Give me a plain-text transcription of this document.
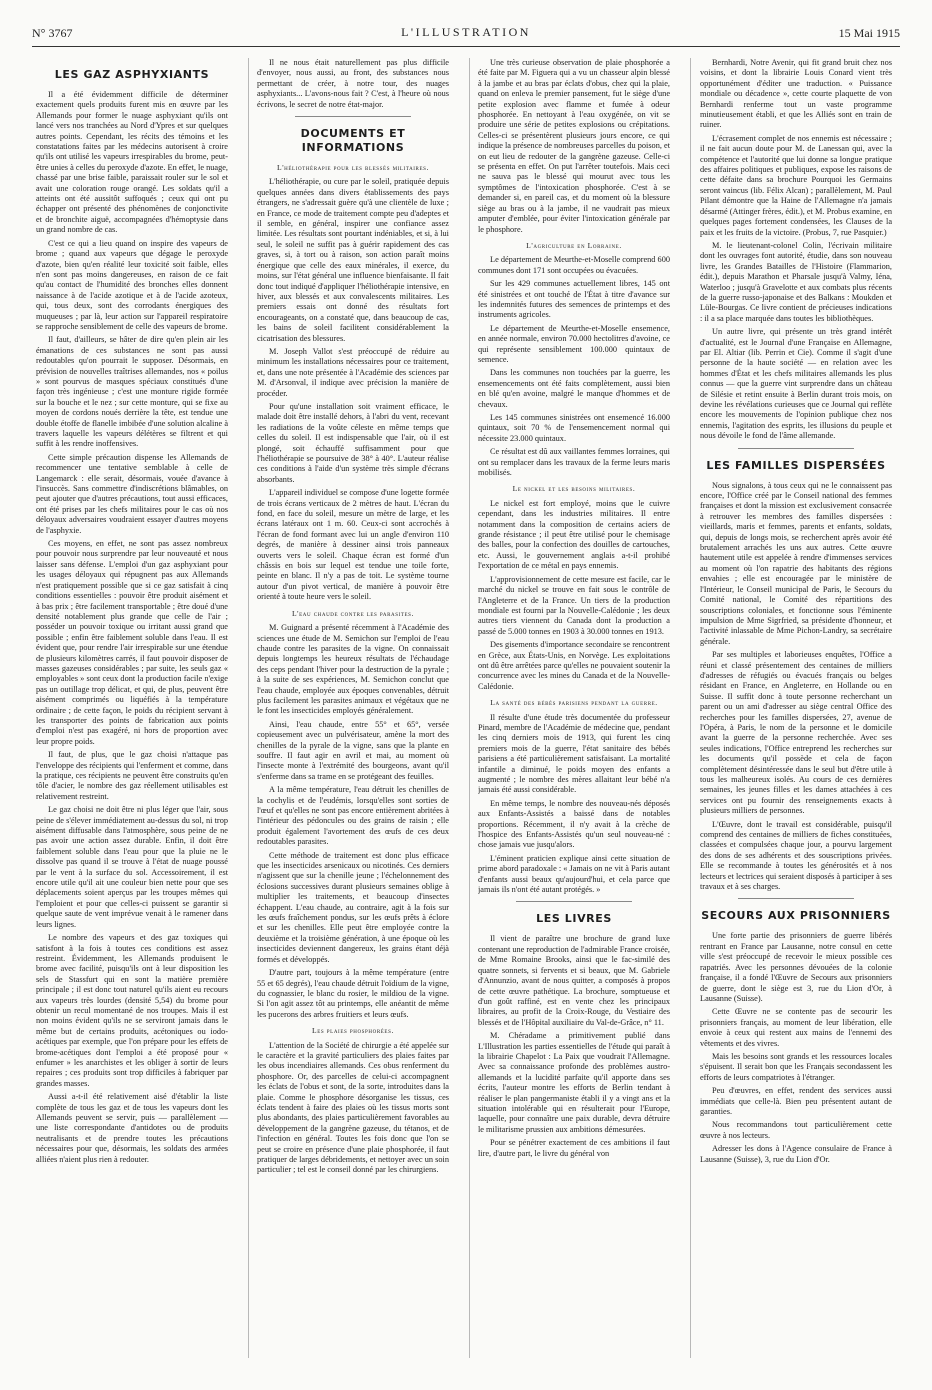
N° 3767	L'ILLUSTRATION	15 Mai 1915
LES GAZ ASPHYXIANTS

Il a été évidemment difficile de déterminer exactement quels produits furent mis en œuvre par les Allemands pour former le nuage asphyxiant qu'ils ont lancé vers nos tranchées au Nord d'Ypres et sur quelques autres points. Cependant, les récits des témoins et les constatations faites par les médecins autorisent à croire qu'ils ont utilisé les vapeurs irrespirables du brome, peut-être unies à celles du peroxyde d'azote. En effet, le nuage, chassé par une brise faible, paraissait rouler sur le sol et avait une coloration rouge orangé. Les soldats qu'il a atteints ont été aussitôt suffoqués ; ceux qui ont pu échapper ont présenté des phénomènes de conjonctivite et de bronchite aiguë, accompagnées d'hémoptysie dans un grand nombre de cas.

C'est ce qui a lieu quand on inspire des vapeurs de brome ; quand aux vapeurs que dégage le peroxyde d'azote, bien qu'en réalité leur toxicité soit faible, elles n'en sont pas moins dangereuses, en raison de ce fait qu'au contact de l'humidité des bronches elles donnent naissance à de l'acide azotique et à de l'acide azoteux, qui, tous deux, sont des corrodants énergiques des muqueuses ; par là, leur action sur l'appareil respiratoire se rapproche sensiblement de celle des vapeurs de brome.

Il faut, d'ailleurs, se hâter de dire qu'en plein air les émanations de ces substances ne sont pas aussi redoutables qu'on pourrait le supposer. Désormais, en prévision de nouvelles traîtrises allemandes, nos « poilus » sont pourvus de masques spéciaux constitués d'une façon très ingénieuse ; c'est une monture rigide formée sur la bouche et le nez ; sur cette monture, qui se fixe au moyen de cordons noués derrière la tête, est tendue une double étoffe de flanelle imbibée d'une solution alcaline à travers laquelle les vapeurs délétères se filtrent et qui suffit à les rendre inoffensives.

Cette simple précaution dispense les Allemands de recommencer une tentative semblable à celle de Langemarck : elle serait, désormais, vouée d'avance à l'insuccès. Sans commettre d'indiscrétions blâmables, on peut ajouter que d'autres précautions, tout aussi efficaces, ont été prises par les chefs militaires pour le cas où nos déloyaux adversaires voudraient essayer d'autres moyens de l'asphyxie.

Ces moyens, en effet, ne sont pas assez nombreux pour pouvoir nous surprendre par leur nouveauté et nous laisser sans défense. L'emploi d'un gaz asphyxiant pour les usages déloyaux qui répugnent pas aux Allemands n'est pratiquement possible que si ce gaz satisfait à cinq conditions essentielles : pouvoir être produit aisément et à bas prix ; être facilement transportable ; être doué d'une densité notablement plus grande que celle de l'air ; posséder un pouvoir toxique ou irritant aussi grand que possible ; enfin être faiblement soluble dans l'eau. Il est évident que, pour rendre l'air irrespirable sur une étendue de plusieurs kilomètres carrés, il faut pouvoir disposer de masses gazeuses considérables ; par suite, les seuls gaz « employables » sont ceux dont la production facile n'exige pas un outillage trop délicat, et qui, de plus, peuvent être aisément comprimés ou liquéfiés à la température ordinaire ; de cette façon, le poids du récipient servant à les transporter des points de fabrication aux points d'emploi n'est pas exagéré, ni hors de proportion avec leur propre poids.

Il faut, de plus, que le gaz choisi n'attaque pas l'enveloppe des récipients qui l'enferment et comme, dans la pratique, ces récipients ne peuvent être construits qu'en tôle d'acier, le nombre des gaz réellement utilisables est relativement restreint.

Le gaz choisi ne doit être ni plus léger que l'air, sous peine de s'élever immédiatement au-dessus du sol, ni trop aisément diffusable dans l'atmosphère, sous peine de ne pas avoir une action assez durable. Enfin, il doit être faiblement soluble dans l'eau pour que la pluie ne le dissolve pas quand il se trouve à l'état de nuage poussé par le vent à la surface du sol. Accessoirement, il est encore utile qu'il ait une couleur bien nette pour que ses déplacements soient aperçus par les troupes mêmes qui l'emploient et pour que celles-ci puissent se garantir si quelque saute de vent imprévue venait à le ramener dans leurs lignes.

Le nombre des vapeurs et des gaz toxiques qui satisfont à la fois à toutes ces conditions est assez restreint. Évidemment, les Allemands produisent le brome avec facilité, puisqu'ils ont à leur disposition les sels de Stassfurt qui en sont la matière première principale ; il est donc tout naturel qu'ils aient eu recours aux vapeurs très lourdes (densité 5,54) du brome pour obtenir un recul momentané de nos troupes. Mais il est non moins évident qu'ils ne se serviront jamais dans le même but de certains produits, acétoniques ou iodo-acétiques par exemple, que l'on prépare pour les effets de brome-acétiques dont l'emploi a été proposé pour « enfumer » les anarchistes et les obliger à sortir de leurs repaires ; ces produits sont trop difficiles à fabriquer par grandes masses.

Aussi a-t-il été relativement aisé d'établir la liste complète de tous les gaz et de tous les vapeurs dont les Allemands peuvent se servir, puis — parallèlement — une liste correspondante d'antidotes ou de produits neutralisants et de prendre toutes les précautions nécessaires pour que, désormais, les soldats des armées alliées n'aient plus rien à redouter.

Il ne nous était naturellement pas plus difficile d'envoyer, nous aussi, au front, des substances nous permettant de créer, à notre tour, des nuages asphyxiants... L'avons-nous fait ? C'est, à l'heure où nous écrivons, le secret de notre état-major.

DOCUMENTS ET INFORMATIONS
L'héliothérapie pour les blessés militaires.

L'héliothérapie, ou cure par le soleil, pratiquée depuis quelques années dans divers établissements des pays étrangers, ne s'adressait guère qu'à une clientèle de luxe ; en France, ce mode de traitement compte peu d'adeptes et il semble, en général, inspirer une confiance assez limitée. Les résultats sont pourtant indéniables, et si, à lui seul, le soleil ne suffit pas à guérir rapidement des cas graves, si, à tort ou à raison, son action paraît moins énergique que celle des eaux minérales, il exerce, du moins, sur l'état général une influence bienfaisante. Il fait donc tout indiqué d'appliquer l'héliothérapie intensive, en hiver, aux blessés et aux convalescents militaires. Les premiers essais ont donné des résultats fort encourageants, on a constaté que, dans beaucoup de cas, les bains de soleil facilitent considérablement la cicatrisation des blessures.

M. Joseph Vallot s'est préoccupé de réduire au minimum les installations nécessaires pour ce traitement, et, dans une note présentée à l'Académie des sciences par M. d'Arsonval, il indique avec précision la manière de procéder.

Pour qu'une installation soit vraiment efficace, le malade doit être installé dehors, à l'abri du vent, recevant les radiations de la voûte céleste en même temps que celles du soleil. Il est indispensable que l'air, où il est plongé, soit échauffé suffisamment pour que l'héliothérapie se poursuive de 38° à 40°. L'auteur réalise ces conditions à l'aide d'un système très simple d'écrans absorbants.

L'appareil individuel se compose d'une logette formée de trois écrans verticaux de 2 mètres de haut. L'écran du fond, en face du soleil, mesure un mètre de large, et les écrans latéraux ont 1 m. 60. Ceux-ci sont accrochés à l'écran de fond formant avec lui un angle d'environ 110 degrés, de manière à dessiner ainsi trois panneaux ouverts vers le soleil. Chaque écran est formé d'un châssis en bois sur lequel est tendue une toile forte, peinte en blanc. Il n'y a pas de toit. Le système tourne autour d'un pivot vertical, de manière à pouvoir être orienté à toute heure vers le soleil.

L'eau chaude contre les parasites.

M. Guignard a présenté récemment à l'Académie des sciences une étude de M. Semichon sur l'emploi de l'eau chaude contre les parasites de la vigne. On connaissait depuis longtemps les heureux résultats de l'échaudage des ceps pendant l'hiver pour la destruction de la pyrale ; à la suite de ses expériences, M. Semichon conclut que l'eau chaude, employée aux époques convenables, détruit plus facilement les parasites animaux et végétaux que ne le font les insecticides employés généralement.

Ainsi, l'eau chaude, entre 55° et 65°, versée copieusement avec un pulvérisateur, amène la mort des chenilles de la pyrale de la vigne, sans que la plante en souffre. Il faut agir en avril et mai, au moment où l'insecte monte à l'extrémité des bourgeons, avant qu'il s'enferme dans sa trame en se protégeant des feuilles.

A la même température, l'eau détruit les chenilles de la cochylis et de l'eudémis, lorsqu'elles sont sorties de l'œuf et qu'elles ne sont pas encore entièrement abritées à l'intérieur des pédoncules ou des grains de raisin ; elle produit également l'avortement des œufs de ces deux redoutables parasites.

Cette méthode de traitement est donc plus efficace que les insecticides arsenicaux ou nicotinés. Ces derniers n'agissent que sur la chenille jeune ; l'échelonnement des éclosions successives durant plusieurs semaines oblige à multiplier les traitements, et beaucoup d'insectes échappent. L'eau chaude, au contraire, agit à la fois sur les œufs fraîchement pondus, sur les œufs prêts à éclore et sur les chenilles. Elle peut être employée contre la deuxième et la troisième génération, à une époque où les insecticides deviennent dangereux, les grains étant déjà formés et développés.

D'autre part, toujours à la même température (entre 55 et 65 degrés), l'eau chaude détruit l'oïdium de la vigne, du cognassier, le blanc du rosier, le mildiou de la vigne. Si l'on agit assez tôt au printemps, elle anéantit de même les pucerons des arbres fruitiers et leurs œufs.

Les plaies phosphorées.

L'attention de la Société de chirurgie a été appelée sur le caractère et la gravité particuliers des plaies faites par les obus incendiaires allemands. Ces obus renferment du phosphore. Or, des parcelles de celui-ci accompagnent les éclats de l'obus et sont, de la sorte, introduites dans la plaie. Comme le phosphore désorganise les tissus, ces éclats tendent à faire des plaies où les tissus morts sont plus abondants, des plaies particulièrement favorables au développement de la gangrène gazeuse, du tétanos, et de l'infection en général. Toutes les fois donc que l'on se peut se croire en présence d'une plaie phosphorée, il faut pratiquer de larges débridements, et nettoyer avec un soin particulier ; tel est le conseil donné par les chirurgiens.

Une très curieuse observation de plaie phosphorée a été faite par M. Figuera qui a vu un chasseur alpin blessé à la jambe et au bras par éclats d'obus, chez qui la plaie, quand on enleva le premier pansement, fut le siège d'une petite explosion avec flamme et fumée à odeur phosphorée. En nettoyant à l'eau oxygénée, on vit se produire une série de petites explosions ou crépitations. Celles-ci se présentèrent plusieurs jours encore, ce qui indique la présence de nombreuses parcelles du poison, et on eut lieu de redouter de la gangrène gazeuse. Celle-ci se présenta en effet. On put l'arrêter toutefois. Mais ceci ne sauva pas le blessé qui mourut avec tous les symptômes de l'intoxication phosphorée. C'est à se demander si, en pareil cas, et du moment où la blessure siège au bras ou à la jambe, il ne vaudrait pas mieux amputer d'emblée, pour éviter l'intoxication générale par le phosphore.

L'agriculture en Lorraine.

Le département de Meurthe-et-Moselle comprend 600 communes dont 171 sont occupées ou évacuées.

Sur les 429 communes actuellement libres, 145 ont été sinistrées et ont touché de l'État à titre d'avance sur les indemnités futures des semences de printemps et des instruments agricoles.

Le département de Meurthe-et-Moselle ensemence, en année normale, environ 70.000 hectolitres d'avoine, ce qui représente sensiblement 100.000 quintaux de semence.

Dans les communes non touchées par la guerre, les ensemencements ont été faits complètement, aussi bien en blé qu'en avoine, malgré le manque d'hommes et de chevaux.

Les 145 communes sinistrées ont ensemencé 16.000 quintaux, soit 70 % de l'ensemencement normal qui nécessite 23.000 quintaux.

Ce résultat est dû aux vaillantes femmes lorraines, qui ont su remplacer dans les travaux de la ferme leurs maris mobilisés.

Le nickel et les besoins militaires.

Le nickel est fort employé, moins que le cuivre cependant, dans les industries militaires. Il entre notamment dans la composition de certains aciers de grande résistance ; il peut être utilisé pour le chemisage des balles, pour la confection des douilles de cartouches, etc. Aussi, le gouvernement anglais a-t-il prohibé l'exportation de ce métal en pays ennemis.

L'approvisionnement de cette mesure est facile, car le marché du nickel se trouve en fait sous le contrôle de l'Angleterre et de la France. Un tiers de la production mondiale est fourni par la Nouvelle-Calédonie ; les deux autres tiers viennent du Canada dont la production a passé de 5.000 tonnes en 1903 à 30.000 tonnes en 1913.

Des gisements d'importance secondaire se rencontrent en Grèce, aux États-Unis, en Norvège. Les exploitations ont dû être arrêtées parce qu'elles ne pouvaient soutenir la concurrence avec les mines du Canada et de la Nouvelle-Calédonie.

La santé des bébés parisiens pendant la guerre.

Il résulte d'une étude très documentée du professeur Pinard, membre de l'Académie de médecine que, pendant les cinq derniers mois de 1913, qui furent les cinq premiers mois de la guerre, l'état sanitaire des bébés parisiens a été particulièrement satisfaisant. La mortalité infantile a diminué, le poids moyen des enfants a augmenté ; le nombre des mères allaitant leur bébé n'a jamais été aussi considérable.

En même temps, le nombre des nouveau-nés déposés aux Enfants-Assistés a baissé dans de notables proportions. Récemment, il n'y avait à la crèche de l'hospice des Enfants-Assistés qu'un seul nouveau-né : chose jamais vue jusqu'alors.

L'éminent praticien explique ainsi cette situation de prime abord paradoxale : « Jamais on ne vit à Paris autant d'enfants aussi beaux qu'aujourd'hui, et cela parce que jamais ils n'ont été autant protégés. »

LES LIVRES

Il vient de paraître une brochure de grand luxe contenant une reproduction de l'admirable France croisée, de Mme Romaine Brooks, ainsi que le fac-similé des quatre sonnets, si fervents et si beaux, que M. Gabriele d'Annunzio, avant de nous quitter, a composés à propos de cette œuvre pathétique. La brochure, somptueuse et d'un goût raffiné, est en vente chez les principaux libraires, au profit de la Croix-Rouge, du Vestiaire des blessés et de l'Hôpital auxiliaire du Val-de-Grâce, n° 11.

M. Chéradame a primitivement publié dans L'Illustration les parties essentielles de l'étude qui paraît à la librairie Chapelot : La Paix que voudrait l'Allemagne. Avec sa connaissance profonde des problèmes austro-allemands et la lucidité parfaite qu'il apporte dans ses écrits, l'auteur montre les efforts de Berlin tendant à réaliser le plan pangermaniste établi il y a vingt ans et la situation intolérable qui en résulterait pour l'Europe, laquelle, pour connaître une paix durable, devra détruire le militarisme prussien aux ambitions démesurées.

Pour se pénétrer exactement de ces ambitions il faut lire, d'autre part, le livre du général von

Bernhardi, Notre Avenir, qui fit grand bruit chez nos voisins, et dont la librairie Louis Conard vient très opportunément d'éditer une traduction. « Puissance mondiale ou décadence », cette courte plaquette de von Bernhardi renferme tout un vaste programme minutieusement établi, et que les Alliés sont en train de ruiner.

L'écrasement complet de nos ennemis est nécessaire ; il ne fait aucun doute pour M. de Lanessan qui, avec la compétence et l'autorité que lui donne sa longue pratique des affaires politiques et publiques, expose les raisons de cette défaite dans sa brochure Pourquoi les Germains seront vaincus (lib. Félix Alcan) ; parallèlement, M. Paul Pilant démontre que la Haine de l'Allemagne n'a jamais désarmé (Attinger frères, édit.), et M. Probus examine, en quelques pages fortement condensées, les Clauses de la paix et les fruits de la victoire. (Probus, 7, rue Pasquier.)

M. le lieutenant-colonel Colin, l'écrivain militaire dont les ouvrages font autorité, étudie, dans son nouveau livre, les Grandes Batailles de l'Histoire (Flammarion, édit.), depuis Marathon et Pharsale jusqu'à Valmy, Iéna, Waterloo ; jusqu'à Gravelotte et aux combats plus récents de la guerre russo-japonaise et des Balkans : Moukden et Lüle-Bourgas. Ce livre contient de précieuses indications : il a sa place marquée dans toutes les bibliothèques.

Un autre livre, qui présente un très grand intérêt d'actualité, est le Journal d'une Française en Allemagne, par El. Altiar (lib. Perrin et Cie). Comme il s'agit d'une personne de la haute société — en relation avec les hommes d'État et les chefs militaires allemands les plus connus — que la guerre vint surprendre dans un château de Silésie et retint ensuite à Berlin durant trois mois, on devine les révélations curieuses que ce Journal qui reflète encore les mouvements de l'opinion publique chez nos ennemis, l'agitation des esprits, les illusions du peuple et nous dévoile le fond de l'âme allemande.

LES FAMILLES DISPERSÉES

Nous signalons, à tous ceux qui ne le connaissent pas encore, l'Office créé par le Conseil national des femmes françaises et dont la mission est exclusivement consacrée à retrouver les membres des familles dispersées : vieillards, maris et femmes, parents et enfants, soldats, qui, depuis de longs mois, se recherchent après avoir été brutalement arrachés les uns aux autres. Cette œuvre hautement utile est appelée à rendre d'immenses services au moment où l'on rapatrie des habitants des régions envahies ; elle est encouragée par le ministère de l'Intérieur, le Conseil municipal de Paris, le Secours du Comité national, le Comité des répartitions des souscriptions coloniales, et fonctionne sous l'éminente impulsion de Mme Sigrfried, sa présidente d'honneur, et l'activité inlassable de Mme Pichon-Landry, sa secrétaire générale.

Par ses multiples et laborieuses enquêtes, l'Office a réuni et classé présentement des centaines de milliers d'adresses de réfugiés ou évacués français ou belges résidant en France, en Angleterre, en Hollande ou en Suisse. Il suffit donc à toute personne recherchant un parent ou un ami d'adresser au siège central Office des recherches pour les familles dispersées, 27, avenue de l'Opéra, à Paris, le nom de la personne et le domicile avant la guerre de la personne recherchée. Avec ses seules indications, l'Office entreprend les recherches sur les documents qu'il possède et cela de façon complètement désintéressée dans le seul but d'être utile à tous les malheureux isolés. Au cours de ces dernières semaines, les jeunes filles et les dames attachées à ces services ont pu fournir des renseignements exacts à plusieurs milliers de personnes.

L'Œuvre, dont le travail est considérable, puisqu'il comprend des centaines de milliers de fiches constituées, classées et compulsées chaque jour, a pourvu largement des dons de ses adhérents et des souscriptions privées. Elle se recommande à toutes les générosités et à nos lecteurs et lectrices qui seraient disposés à participer à ses travaux et à ses charges.

SECOURS AUX PRISONNIERS

Une forte partie des prisonniers de guerre libérés rentrant en France par Lausanne, notre consul en cette ville s'est préoccupé de recevoir le mieux possible ces rapatriés. Avec les personnes dévouées de la colonie française, il a fondé l'Œuvre de Secours aux prisonniers de guerre, dont le siège est 3, rue du Lion d'Or, à Lausanne (Suisse).

Cette Œuvre ne se contente pas de secourir les prisonniers français, au moment de leur libération, elle envoie à ceux qui restent aux mains de l'ennemi des vêtements et des vivres.

Mais les besoins sont grands et les ressources locales s'épuisent. Il serait bon que les Français secondassent les efforts de leurs compatriotes à l'étranger.

Peu d'œuvres, en effet, rendent des services aussi immédiats que celle-là. Bien peu présentent autant de garanties.

Nous recommandons tout particulièrement cette œuvre à nos lecteurs.

Adresser les dons à l'Agence consulaire de France à Lausanne (Suisse), 3, rue du Lion d'Or.
